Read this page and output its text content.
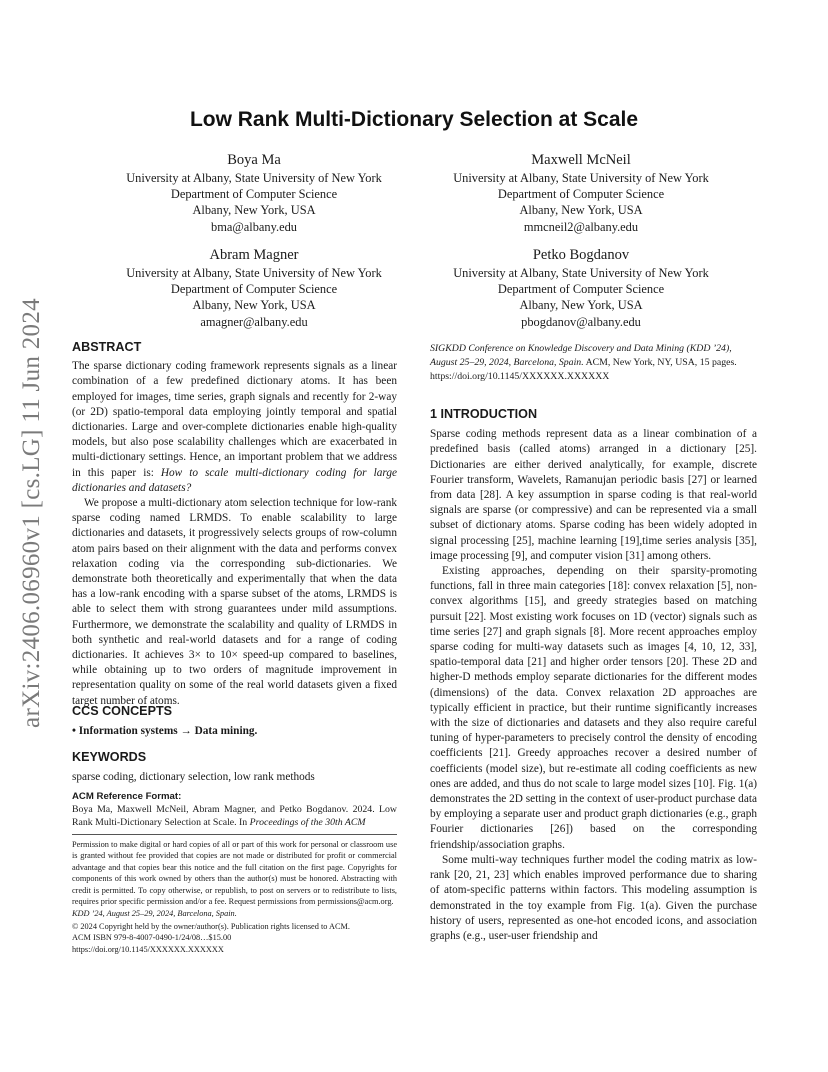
arXiv:2406.06960v1 [cs.LG] 11 Jun 2024
Low Rank Multi-Dictionary Selection at Scale
Boya Ma
University at Albany, State University of New York
Department of Computer Science
Albany, New York, USA
bma@albany.edu
Maxwell McNeil
University at Albany, State University of New York
Department of Computer Science
Albany, New York, USA
mmcneil2@albany.edu
Abram Magner
University at Albany, State University of New York
Department of Computer Science
Albany, New York, USA
amagner@albany.edu
Petko Bogdanov
University at Albany, State University of New York
Department of Computer Science
Albany, New York, USA
pbogdanov@albany.edu
ABSTRACT

The sparse dictionary coding framework represents signals as a linear combination of a few predefined dictionary atoms. It has been employed for images, time series, graph signals and recently for 2-way (or 2D) spatio-temporal data employing jointly temporal and spatial dictionaries. Large and over-complete dictionaries enable high-quality models, but also pose scalability challenges which are exacerbated in multi-dictionary settings. Hence, an important problem that we address in this paper is: How to scale multi-dictionary coding for large dictionaries and datasets?

We propose a multi-dictionary atom selection technique for low-rank sparse coding named LRMDS. To enable scalability to large dictionaries and datasets, it progressively selects groups of row-column atom pairs based on their alignment with the data and performs convex relaxation coding via the corresponding sub-dictionaries. We demonstrate both theoretically and experimentally that when the data has a low-rank encoding with a sparse subset of the atoms, LRMDS is able to select them with strong guarantees under mild assumptions. Furthermore, we demonstrate the scalability and quality of LRMDS in both synthetic and real-world datasets and for a range of coding dictionaries. It achieves 3× to 10× speed-up compared to baselines, while obtaining up to two orders of magnitude improvement in representation quality on some of the real world datasets given a fixed target number of atoms.

CCS CONCEPTS

• Information systems → Data mining.

KEYWORDS

sparse coding, dictionary selection, low rank methods

ACM Reference Format:

Boya Ma, Maxwell McNeil, Abram Magner, and Petko Bogdanov. 2024. Low Rank Multi-Dictionary Selection at Scale. In Proceedings of the 30th ACM

Permission to make digital or hard copies of all or part of this work for personal or classroom use is granted without fee provided that copies are not made or distributed for profit or commercial advantage and that copies bear this notice and the full citation on the first page. Copyrights for components of this work owned by others than the author(s) must be honored. Abstracting with credit is permitted. To copy otherwise, or republish, to post on servers or to redistribute to lists, requires prior specific permission and/or a fee. Request permissions from permissions@acm.org.

KDD ’24, August 25–29, 2024, Barcelona, Spain.

© 2024 Copyright held by the owner/author(s). Publication rights licensed to ACM.

ACM ISBN 979-8-4007-0490-1/24/08…$15.00

https://doi.org/10.1145/XXXXXX.XXXXXX

SIGKDD Conference on Knowledge Discovery and Data Mining (KDD ’24), August 25–29, 2024, Barcelona, Spain. ACM, New York, NY, USA, 15 pages. https://doi.org/10.1145/XXXXXX.XXXXXX

1 INTRODUCTION

Sparse coding methods represent data as a linear combination of a predefined basis (called atoms) arranged in a dictionary [25]. Dictionaries are either derived analytically, for example, discrete Fourier transform, Wavelets, Ramanujan periodic basis [27] or learned from data [28]. A key assumption in sparse coding is that real-world signals are sparse (or compressive) and can be represented via a small subset of dictionary atoms. Sparse coding has been widely adopted in signal processing [25], machine learning [19],time series analysis [35], image processing [9], and computer vision [31] among others.

Existing approaches, depending on their sparsity-promoting functions, fall in three main categories [18]: convex relaxation [5], non-convex algorithms [15], and greedy strategies based on matching pursuit [22]. Most existing work focuses on 1D (vector) signals such as time series [27] and graph signals [8]. More recent approaches employ sparse coding for multi-way datasets such as images [4, 10, 12, 33], spatio-temporal data [21] and higher order tensors [20]. These 2D and higher-D methods employ separate dictionaries for the different modes (dimensions) of the data. Convex relaxation 2D approaches are typically efficient in practice, but their runtime significantly increases with the size of dictionaries and datasets and they also require careful tuning of hyper-parameters to precisely control the density of encoding coefficients [21]. Greedy approaches recover a desired number of coefficients (model size), but re-estimate all coding coefficients as new ones are added, and thus do not scale to large model sizes [10]. Fig. 1(a) demonstrates the 2D setting in the context of user-product purchase data by employing a separate user and product graph dictionaries (e.g., graph Fourier dictionaries [26]) based on the corresponding friendship/association graphs.

Some multi-way techniques further model the coding matrix as low-rank [20, 21, 23] which enables improved performance due to sharing of atom-specific patterns within factors. This modeling assumption is demonstrated in the toy example from Fig. 1(a). Given the purchase history of users, represented as one-hot encoded icons, and association graphs (e.g., user-user friendship and
